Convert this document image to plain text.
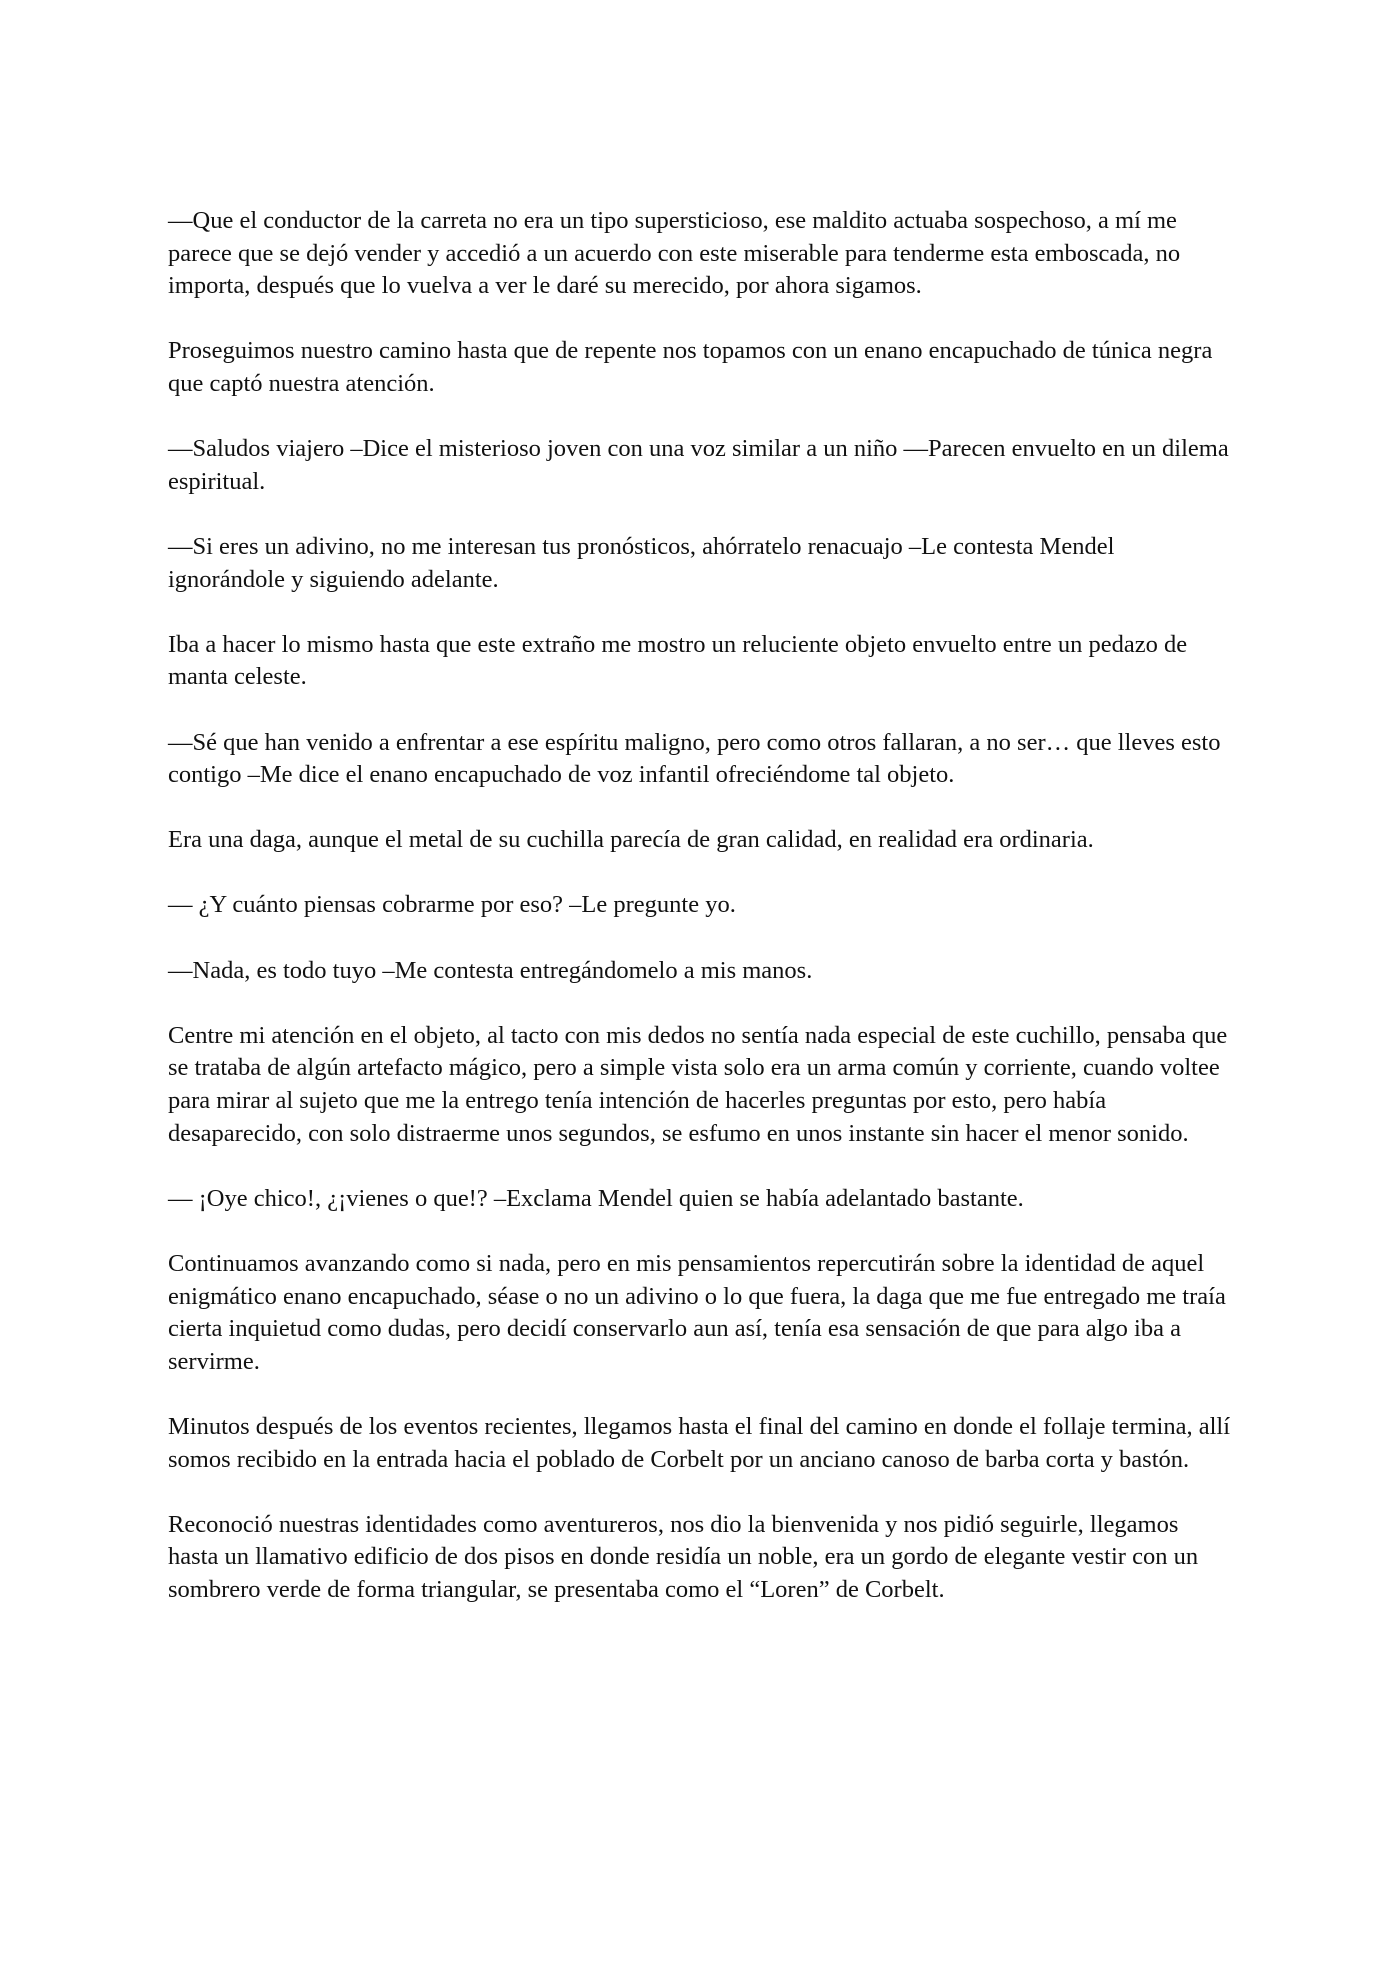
—Que el conductor de la carreta no era un tipo supersticioso, ese maldito actuaba sospechoso, a mí me parece que se dejó vender y accedió a un acuerdo con este miserable para tenderme esta emboscada, no importa, después que lo vuelva a ver le daré su merecido, por ahora sigamos.

Proseguimos nuestro camino hasta que de repente nos topamos con un enano encapuchado de túnica negra que captó nuestra atención.

—Saludos viajero –Dice el misterioso joven con una voz similar a un niño —Parecen envuelto en un dilema espiritual.

—Si eres un adivino, no me interesan tus pronósticos, ahórratelo renacuajo –Le contesta Mendel ignorándole y siguiendo adelante.

Iba a hacer lo mismo hasta que este extraño me mostro un reluciente objeto envuelto entre un pedazo de manta celeste.

—Sé que han venido a enfrentar a ese espíritu maligno, pero como otros fallaran, a no ser… que lleves esto contigo –Me dice el enano encapuchado de voz infantil ofreciéndome tal objeto.

Era una daga, aunque el metal de su cuchilla parecía de gran calidad, en realidad era ordinaria.

— ¿Y cuánto piensas cobrarme por eso? –Le pregunte yo.

—Nada, es todo tuyo –Me contesta entregándomelo a mis manos.

Centre mi atención en el objeto, al tacto con mis dedos no sentía nada especial de este cuchillo, pensaba que se trataba de algún artefacto mágico, pero a simple vista solo era un arma común y corriente, cuando voltee para mirar al sujeto que me la entrego tenía intención de hacerles preguntas por esto, pero había desaparecido, con solo distraerme unos segundos, se esfumo en unos instante sin hacer el menor sonido.

— ¡Oye chico!, ¿¡vienes o que!? –Exclama Mendel quien se había adelantado bastante.

Continuamos avanzando como si nada, pero en mis pensamientos repercutirán sobre la identidad de aquel enigmático enano encapuchado, séase o no un adivino o lo que fuera, la daga que me fue entregado me traía cierta inquietud como dudas, pero decidí conservarlo aun así, tenía esa sensación de que para algo iba a servirme.

Minutos después de los eventos recientes, llegamos hasta el final del camino en donde el follaje termina, allí somos recibido en la entrada hacia el poblado de Corbelt por un anciano canoso de barba corta y bastón.

Reconoció nuestras identidades como aventureros, nos dio la bienvenida y nos pidió seguirle, llegamos hasta un llamativo edificio de dos pisos en donde residía un noble, era un gordo de elegante vestir con un sombrero verde de forma triangular, se presentaba como el “Loren” de Corbelt.
